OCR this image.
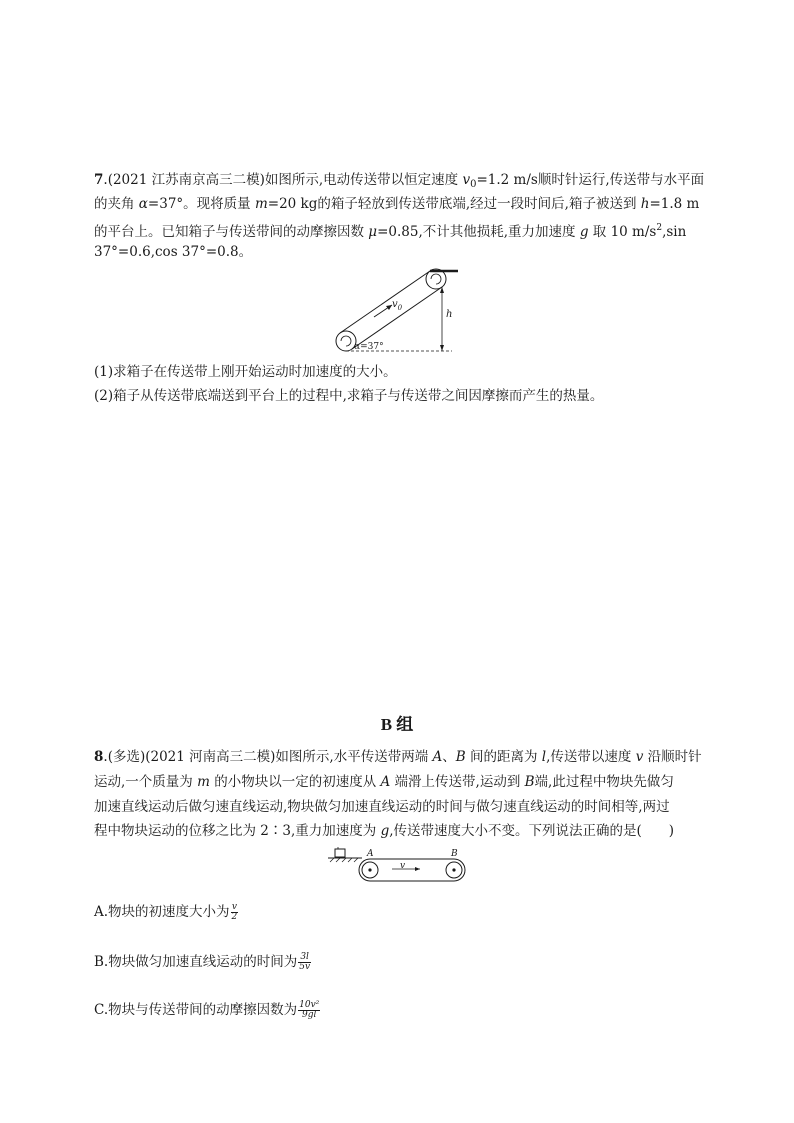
7.(2021 江苏南京高三二模)如图所示,电动传送带以恒定速度 $v_0=1.2$ m/s顺时针运行,传送带与水平面
的夹角 α=37°。现将质量 m=20 kg的箱子轻放到传送带底端,经过一段时间后,箱子被送到 h=1.8 m
的平台上。已知箱子与传送带间的动摩擦因数 μ=0.85,不计其他损耗,重力加速度 g 取 10 $m/s^2,\sin$
37°=0.6,cos 37°=0.8。
$v_0$
h
α=37°
(1)求箱子在传送带上刚开始运动时加速度的大小。
(2)箱子从传送带底端送到平台上的过程中,求箱子与传送带之间因摩擦而产生的热量。
B 组
8.(多选)(2021 河南高三二模)如图所示,水平传送带两端 A、B 间的距离为 l,传送带以速度 v 沿顺时针
运动,一个质量为 m 的小物块以一定的初速度从 A 端滑上传送带,运动到 B端,此过程中物块先做匀
加速直线运动后做匀速直线运动,物块做匀加速直线运动的时间与做匀速直线运动的时间相等,两过
程中物块运动的位移之比为 2∶3,重力加速度为 g,传送带速度大小不变。下列说法正确的是(　　)
A	B
v
A.物块的初速度大小为 $\frac{v}{2}$
B.物块做匀加速直线运动的时间为 $\frac{3l}{5v}$
C.物块与传送带间的动摩擦因数为 $\frac{\text{10v²}}{9gl}$
